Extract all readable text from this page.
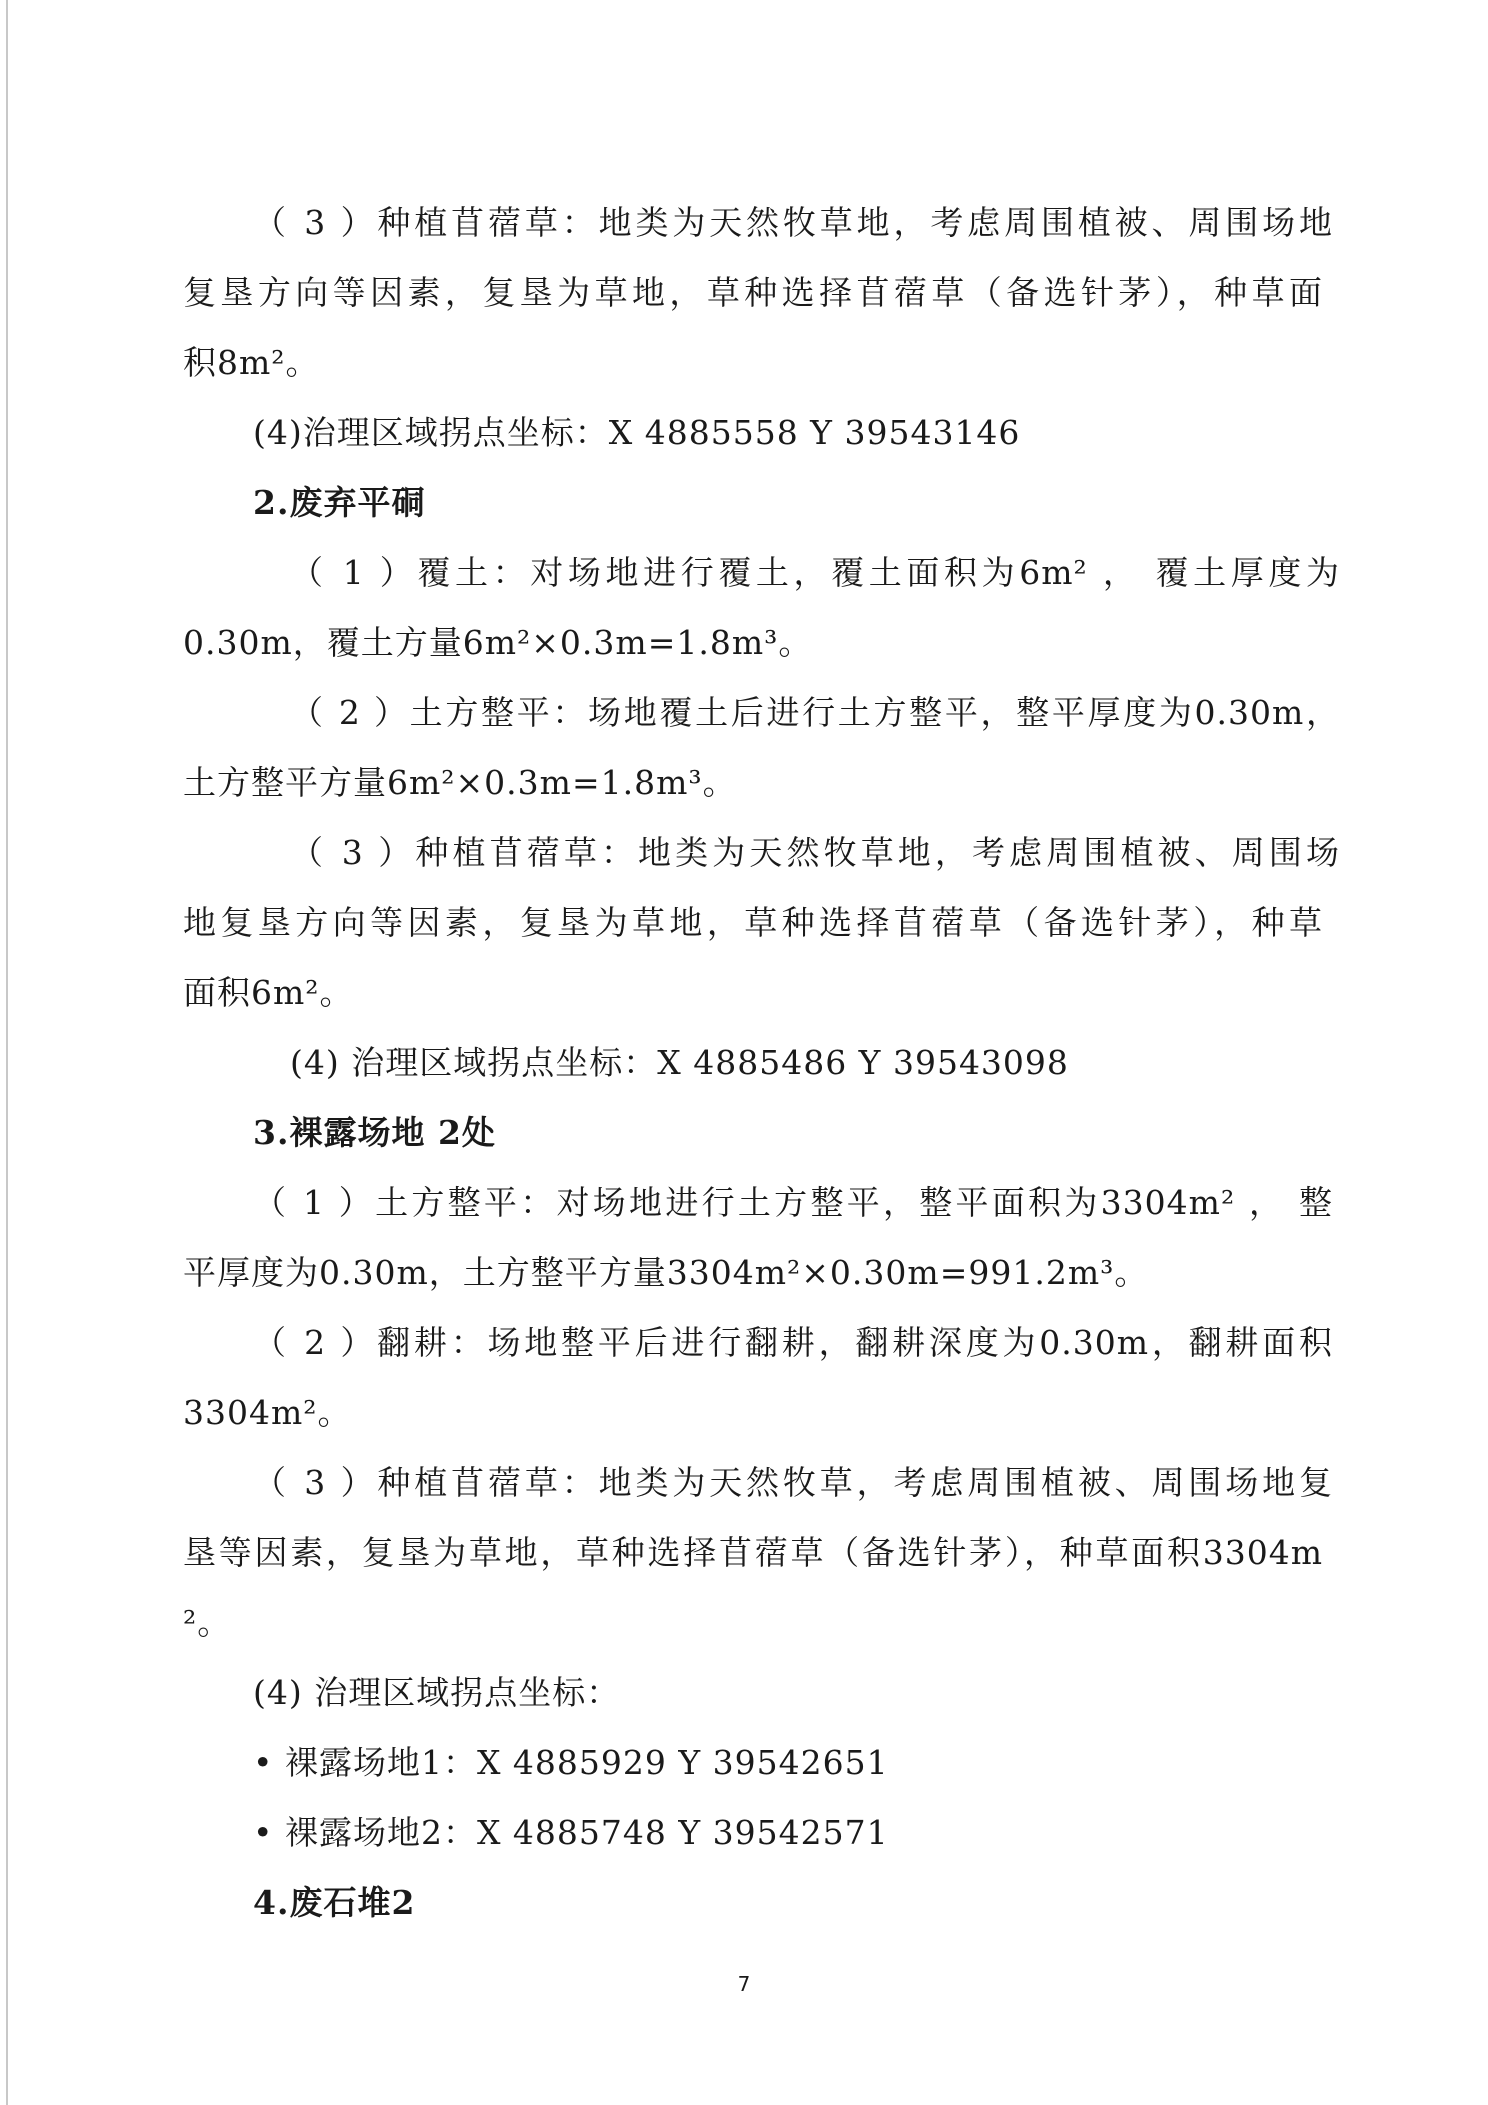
（ 3 ）种植苜蓿草：地类为天然牧草地，考虑周围植被、周围场地
复垦方向等因素，复垦为草地，草种选择苜蓿草（备选针茅），种草面
积8m²。
(4)治理区域拐点坐标：X 4885558 Y 39543146
2.废弃平硐
（ 1 ）覆土：对场地进行覆土，覆土面积为6m² ， 覆土厚度为
0.30m，覆土方量6m²×0.3m=1.8m³。
（ 2 ）土方整平：场地覆土后进行土方整平，整平厚度为0.30m，
土方整平方量6m²×0.3m=1.8m³。
（ 3 ）种植苜蓿草：地类为天然牧草地，考虑周围植被、周围场
地复垦方向等因素，复垦为草地，草种选择苜蓿草（备选针茅），种草
面积6m²。
(4) 治理区域拐点坐标：X 4885486 Y 39543098
3.裸露场地 2处
（ 1 ）土方整平：对场地进行土方整平，整平面积为3304m² ， 整
平厚度为0.30m，土方整平方量3304m²×0.30m=991.2m³。
（ 2 ）翻耕：场地整平后进行翻耕，翻耕深度为0.30m，翻耕面积
3304m²。
（ 3 ）种植苜蓿草：地类为天然牧草，考虑周围植被、周围场地复
垦等因素，复垦为草地，草种选择苜蓿草（备选针茅），种草面积3304m
²。
(4) 治理区域拐点坐标：
• 裸露场地1：X 4885929 Y 39542651
• 裸露场地2：X 4885748 Y 39542571
4.废石堆2
7
